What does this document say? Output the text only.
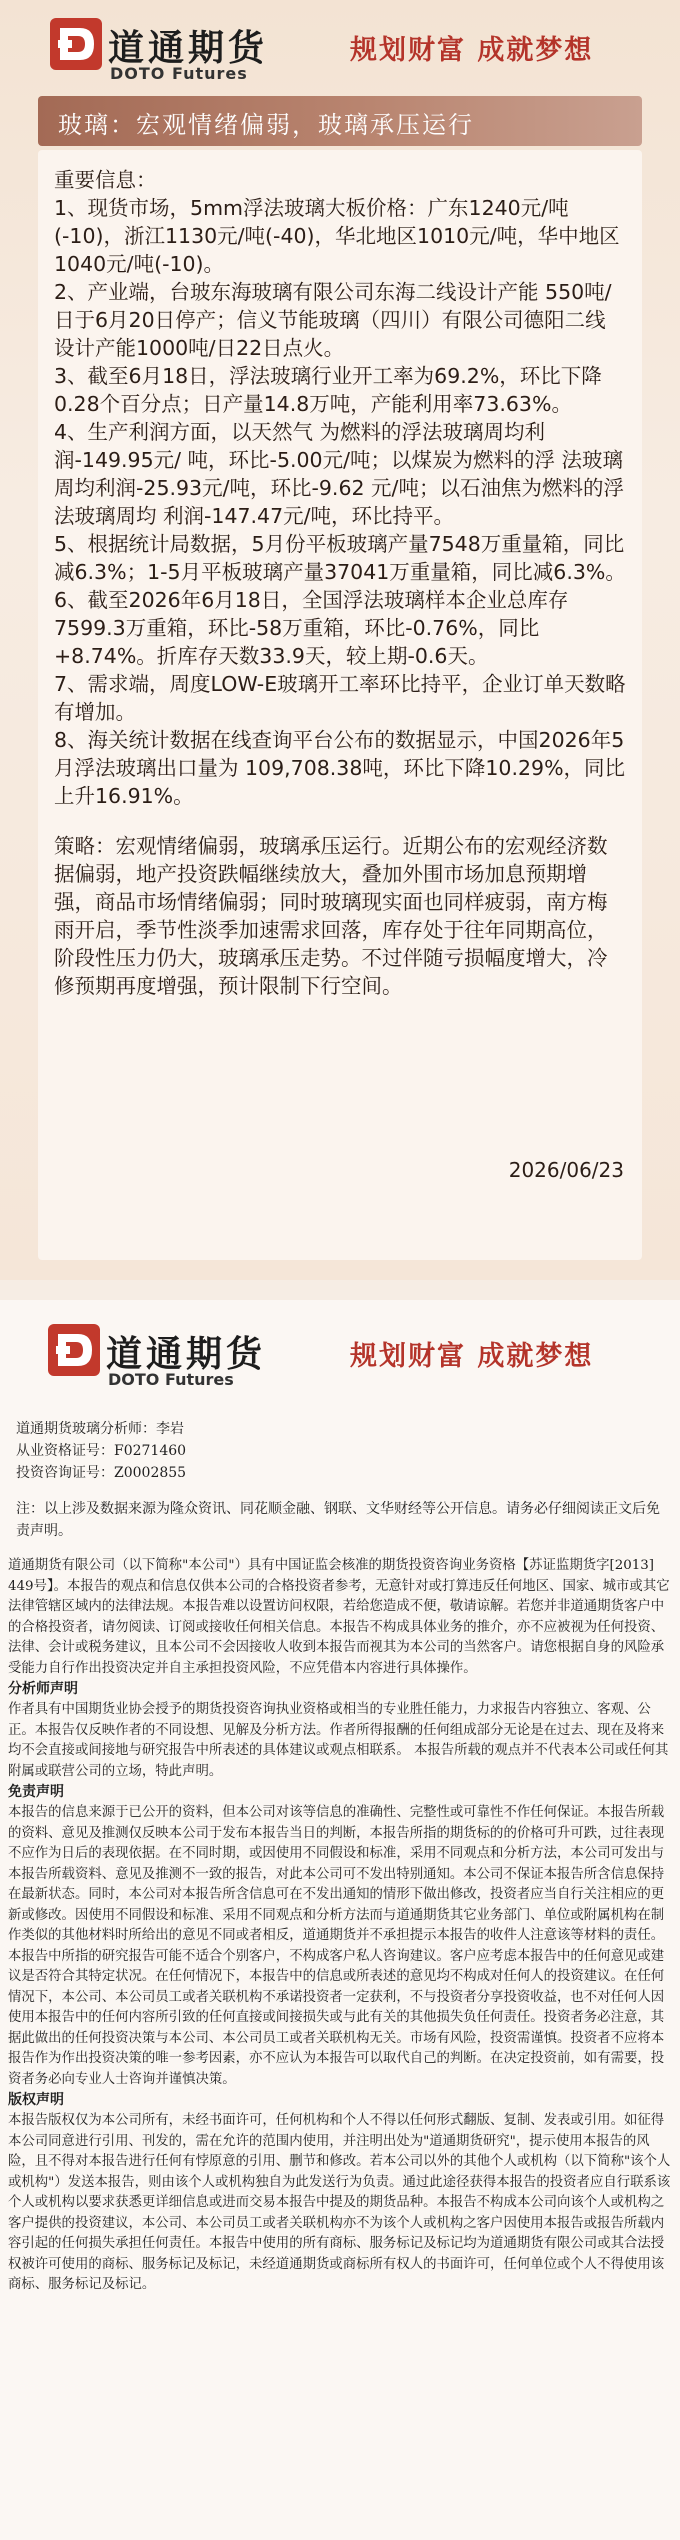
道通期货
DOTO Futures
规划财富 成就梦想
玻璃：宏观情绪偏弱，玻璃承压运行
重要信息：
1、现货市场，5mm浮法玻璃大板价格：广东1240元/吨(-10)，浙江1130元/吨(-40)，华北地区1010元/吨，华中地区1040元/吨(-10)。
2、产业端，台玻东海玻璃有限公司东海二线设计产能 550吨/日于6月20日停产；信义节能玻璃（四川）有限公司德阳二线 设计产能1000吨/日22日点火。
3、截至6月18日，浮法玻璃行业开工率为69.2%，环比下降0.28个百分点；日产量14.8万吨，产能利用率73.63%。
4、生产利润方面，以天然气 为燃料的浮法玻璃周均利润-149.95元/ 吨，环比-5.00元/吨；以煤炭为燃料的浮 法玻璃周均利润-25.93元/吨，环比-9.62 元/吨；以石油焦为燃料的浮法玻璃周均 利润-147.47元/吨，环比持平。
5、根据统计局数据，5月份平板玻璃产量7548万重量箱，同比减6.3%；1-5月平板玻璃产量37041万重量箱，同比减6.3%。
6、截至2026年6月18日，全国浮法玻璃样本企业总库存7599.3万重箱，环比-58万重箱，环比-0.76%，同比+8.74%。折库存天数33.9天，较上期-0.6天。
7、需求端，周度LOW-E玻璃开工率环比持平，企业订单天数略有增加。
8、海关统计数据在线查询平台公布的数据显示，中国2026年5月浮法玻璃出口量为 109,708.38吨，环比下降10.29%，同比上升16.91%。
策略：宏观情绪偏弱，玻璃承压运行。近期公布的宏观经济数据偏弱，地产投资跌幅继续放大，叠加外围市场加息预期增强，商品市场情绪偏弱；同时玻璃现实面也同样疲弱，南方梅雨开启，季节性淡季加速需求回落，库存处于往年同期高位，阶段性压力仍大，玻璃承压走势。不过伴随亏损幅度增大，冷修预期再度增强，预计限制下行空间。
2026/06/23
道通期货
DOTO Futures
规划财富 成就梦想
道通期货玻璃分析师：李岩
从业资格证号：F0271460
投资咨询证号：Z0002855
注：以上涉及数据来源为隆众资讯、同花顺金融、钢联、文华财经等公开信息。请务必仔细阅读正文后免责声明。
道通期货有限公司（以下简称"本公司"）具有中国证监会核准的期货投资咨询业务资格【苏证监期货字[2013] 449号】。本报告的观点和信息仅供本公司的合格投资者参考，无意针对或打算违反任何地区、国家、城市或其它法律管辖区域内的法律法规。本报告难以设置访问权限，若给您造成不便，敬请谅解。若您并非道通期货客户中的合格投资者，请勿阅读、订阅或接收任何相关信息。本报告不构成具体业务的推介，亦不应被视为任何投资、法律、会计或税务建议，且本公司不会因接收人收到本报告而视其为本公司的当然客户。请您根据自身的风险承受能力自行作出投资决定并自主承担投资风险，不应凭借本内容进行具体操作。
分析师声明
作者具有中国期货业协会授予的期货投资咨询执业资格或相当的专业胜任能力，力求报告内容独立、客观、公正。本报告仅反映作者的不同设想、见解及分析方法。作者所得报酬的任何组成部分无论是在过去、现在及将来均不会直接或间接地与研究报告中所表述的具体建议或观点相联系。 本报告所载的观点并不代表本公司或任何其附属或联营公司的立场，特此声明。
免责声明
本报告的信息来源于已公开的资料，但本公司对该等信息的准确性、完整性或可靠性不作任何保证。本报告所载的资料、意见及推测仅反映本公司于发布本报告当日的判断，本报告所指的期货标的的价格可升可跌，过往表现不应作为日后的表现依据。在不同时期，或因使用不同假设和标准，采用不同观点和分析方法，本公司可发出与本报告所载资料、意见及推测不一致的报告，对此本公司可不发出特别通知。本公司不保证本报告所含信息保持在最新状态。同时，本公司对本报告所含信息可在不发出通知的情形下做出修改，投资者应当自行关注相应的更新或修改。因使用不同假设和标准、采用不同观点和分析方法而与道通期货其它业务部门、单位或附属机构在制作类似的其他材料时所给出的意见不同或者相反，道通期货并不承担提示本报告的收件人注意该等材料的责任。本报告中所指的研究报告可能不适合个别客户，不构成客户私人咨询建议。客户应考虑本报告中的任何意见或建议是否符合其特定状况。在任何情况下，本报告中的信息或所表述的意见均不构成对任何人的投资建议。在任何情况下，本公司、本公司员工或者关联机构不承诺投资者一定获利，不与投资者分享投资收益，也不对任何人因使用本报告中的任何内容所引致的任何直接或间接损失或与此有关的其他损失负任何责任。投资者务必注意，其据此做出的任何投资决策与本公司、本公司员工或者关联机构无关。市场有风险，投资需谨慎。投资者不应将本报告作为作出投资决策的唯一参考因素，亦不应认为本报告可以取代自己的判断。在决定投资前，如有需要，投资者务必向专业人士咨询并谨慎决策。
版权声明
本报告版权仅为本公司所有，未经书面许可，任何机构和个人不得以任何形式翻版、复制、发表或引用。如征得本公司同意进行引用、刊发的，需在允许的范围内使用，并注明出处为"道通期货研究"，提示使用本报告的风险，且不得对本报告进行任何有悖原意的引用、删节和修改。若本公司以外的其他个人或机构（以下简称"该个人或机构"）发送本报告，则由该个人或机构独自为此发送行为负责。通过此途径获得本报告的投资者应自行联系该个人或机构以要求获悉更详细信息或进而交易本报告中提及的期货品种。本报告不构成本公司向该个人或机构之客户提供的投资建议，本公司、本公司员工或者关联机构亦不为该个人或机构之客户因使用本报告或报告所载内容引起的任何损失承担任何责任。本报告中使用的所有商标、服务标记及标记均为道通期货有限公司或其合法授权被许可使用的商标、服务标记及标记，未经道通期货或商标所有权人的书面许可，任何单位或个人不得使用该商标、服务标记及标记。
